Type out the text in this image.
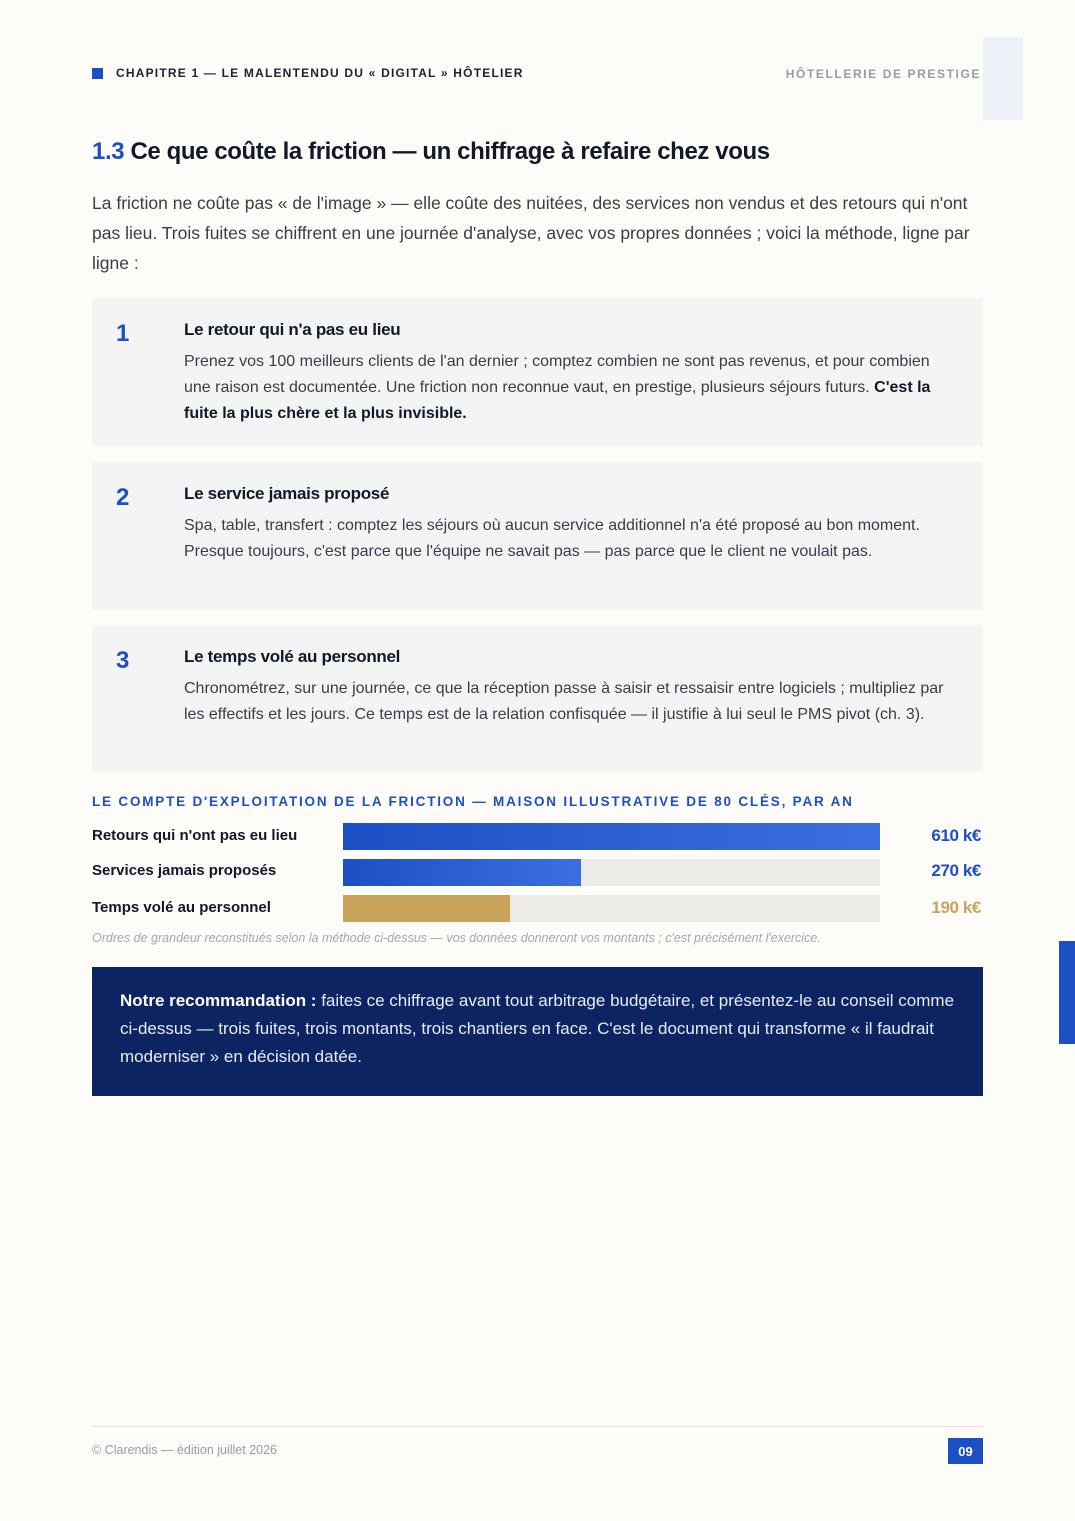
CHAPITRE 1 — LE MALENTENDU DU « DIGITAL » HÔTELIER	HÔTELLERIE DE PRESTIGE
1.3 Ce que coûte la friction — un chiffrage à refaire chez vous

La friction ne coûte pas « de l'image » — elle coûte des nuitées, des services non vendus et des retours qui n'ont pas lieu. Trois fuites se chiffrent en une journée d'analyse, avec vos propres données ; voici la méthode, ligne par ligne :

1	Le retour qui n'a pas eu lieu

Prenez vos 100 meilleurs clients de l'an dernier ; comptez combien ne sont pas revenus, et pour combien une raison est documentée. Une friction non reconnue vaut, en prestige, plusieurs séjours futurs. C'est la fuite la plus chère et la plus invisible.

2	Le service jamais proposé

Spa, table, transfert : comptez les séjours où aucun service additionnel n'a été proposé au bon moment. Presque toujours, c'est parce que l'équipe ne savait pas — pas parce que le client ne voulait pas.

3	Le temps volé au personnel

Chronométrez, sur une journée, ce que la réception passe à saisir et ressaisir entre logiciels ; multipliez par les effectifs et les jours. Ce temps est de la relation confisquée — il justifie à lui seul le PMS pivot (ch. 3).

LE COMPTE D'EXPLOITATION DE LA FRICTION — MAISON ILLUSTRATIVE DE 80 CLÉS, PAR AN
Retours qui n'ont pas eu lieu	610 k€
Services jamais proposés	270 k€
Temps volé au personnel	190 k€
Ordres de grandeur reconstitués selon la méthode ci-dessus — vos données donneront vos montants ; c'est précisément l'exercice.

Notre recommandation : faites ce chiffrage avant tout arbitrage budgétaire, et présentez-le au conseil comme ci-dessus — trois fuites, trois montants, trois chantiers en face. C'est le document qui transforme « il faudrait moderniser » en décision datée.

© Clarendis — édition juillet 2026	09
